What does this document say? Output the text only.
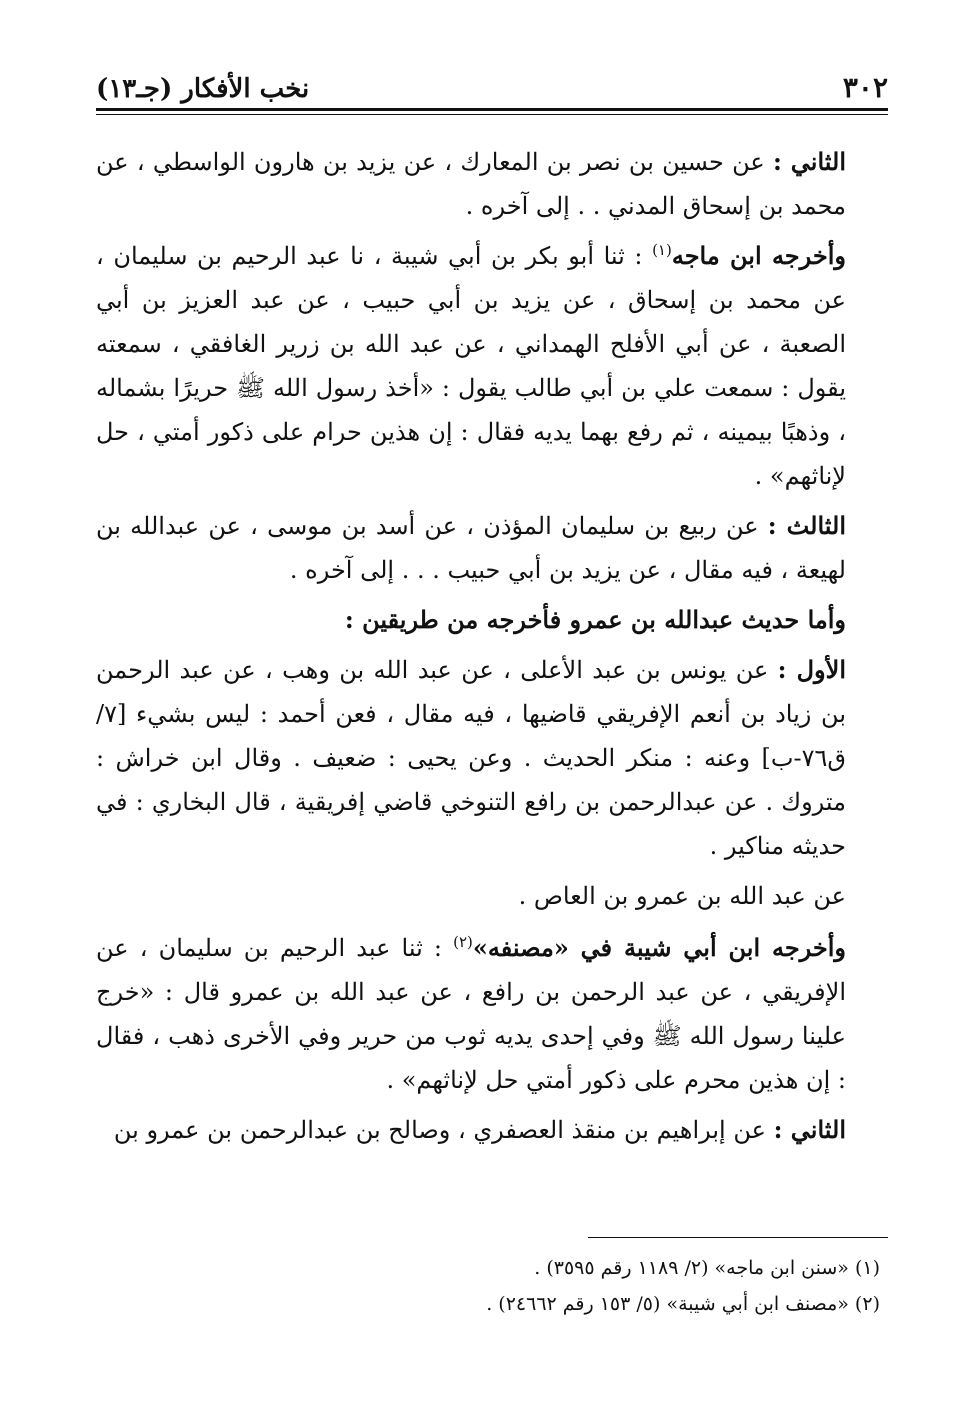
٣٠٢
نخب الأفكار (جـ١٣)

الثاني : عن حسين بن نصر بن المعارك ، عن يزيد بن هارون الواسطي ، عن محمد بن إسحاق المدني . . إلى آخره .

وأخرجه ابن ماجه$^{(١)}$ : ثنا أبو بكر بن أبي شيبة ، نا عبد الرحيم بن سليمان ، عن محمد بن إسحاق ، عن يزيد بن أبي حبيب ، عن عبد العزيز بن أبي الصعبة ، عن أبي الأفلح الهمداني ، عن عبد الله بن زرير الغافقي ، سمعته يقول : سمعت علي بن أبي طالب يقول : «أخذ رسول الله ﷺ حريرًا بشماله ، وذهبًا بيمينه ، ثم رفع بهما يديه فقال : إن هذين حرام على ذكور أمتي ، حل لإناثهم» .

الثالث : عن ربيع بن سليمان المؤذن ، عن أسد بن موسى ، عن عبدالله بن لهيعة ، فيه مقال ، عن يزيد بن أبي حبيب . . . إلى آخره .

وأما حديث عبدالله بن عمرو فأخرجه من طريقين :

الأول : عن يونس بن عبد الأعلى ، عن عبد الله بن وهب ، عن عبد الرحمن بن زياد بن أنعم الإفريقي قاضيها ، فيه مقال ، فعن أحمد : ليس بشيء [٧/ ق٧٦-ب] وعنه : منكر الحديث . وعن يحيى : ضعيف . وقال ابن خراش : متروك . عن عبدالرحمن بن رافع التنوخي قاضي إفريقية ، قال البخاري : في حديثه مناكير .

عن عبد الله بن عمرو بن العاص .

وأخرجه ابن أبي شيبة في «مصنفه»$^{(٢)}$ : ثنا عبد الرحيم بن سليمان ، عن الإفريقي ، عن عبد الرحمن بن رافع ، عن عبد الله بن عمرو قال : «خرج علينا رسول الله ﷺ وفي إحدى يديه ثوب من حرير وفي الأخرى ذهب ، فقال : إن هذين محرم على ذكور أمتي حل لإناثهم» .

الثاني : عن إبراهيم بن منقذ العصفري ، وصالح بن عبدالرحمن بن عمرو بن

(١) «سنن ابن ماجه» (٢/ ١١٨٩ رقم ٣٥٩٥) .

(٢) «مصنف ابن أبي شيبة» (٥/ ١٥٣ رقم ٢٤٦٦٢) .
